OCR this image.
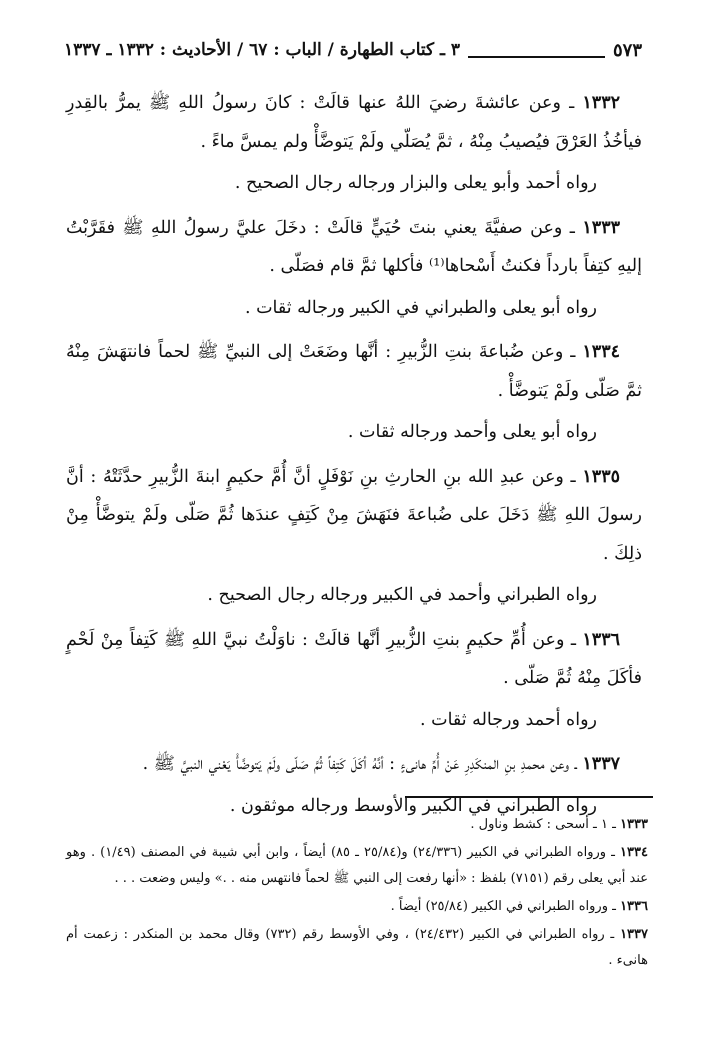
٥٧٣
٣ ـ كتاب الطهارة / الباب : ٦٧ / الأحاديث : ١٣٣٢ ـ ١٣٣٧

١٣٣٢ ـ وعن عائشةَ رضيَ اللهُ عنها قالَتْ : كانَ رسولُ اللهِ ﷺ يمرُّ بالقِدرِ فيأخُذُ العَرْقَ فيُصيبُ مِنْهُ ، ثمَّ يُصَلّي ولَمْ يَتوضَّأْ ولم يمسَّ ماءً .

رواه أحمد وأبو يعلى والبزار ورجاله رجال الصحيح .

١٣٣٣ ـ وعن صفيَّةَ يعني بنتَ حُيَيٍّ قالَتْ : دخَلَ عليَّ رسولُ اللهِ ﷺ فقَرَّبْتُ إليهِ كتِفاً بارداً فكنتُ أَسْحاها⁽¹⁾ فأكلها ثمَّ قام فصَلّى .

رواه أبو يعلى والطبراني في الكبير ورجاله ثقات .

١٣٣٤ ـ وعن ضُباعةَ بنتِ الزُّبيرِ : أنَّها وضَعَتْ إلى النبيِّ ﷺ لحماً فانتهَشَ مِنْهُ ثمَّ صَلّى ولَمْ يَتوضَّأْ .

رواه أبو يعلى وأحمد ورجاله ثقات .

١٣٣٥ ـ وعن عبدِ الله بنِ الحارثِ بنِ نَوْفَلٍ أنَّ أُمَّ حكيمٍ ابنةَ الزُّبيرِ حدَّثَتْهُ : أنَّ رسولَ اللهِ ﷺ دَخَلَ على ضُباعةَ فنَهَشَ مِنْ كَتِفٍ عندَها ثُمَّ صَلّى ولَمْ يتوضَّأْ مِنْ ذلِكَ .

رواه الطبراني وأحمد في الكبير ورجاله رجال الصحيح .

١٣٣٦ ـ وعن أُمِّ حكيمٍ بنتِ الزُّبيرِ أنَّها قالَتْ : ناوَلْتُ نبيَّ اللهِ ﷺ كَتِفاً مِنْ لَحْمٍ فأكَلَ مِنْهُ ثُمَّ صَلّى .

رواه أحمد ورجاله ثقات .

١٣٣٧ ـ وعن محمدِ بنِ المنكَدِرِ عَنْ أُمِّ هانىءٍ : أنَّهُ أكَلَ كَتِفاً ثُمَّ صَلّى ولَمْ يَتوضَّأْ يَعْني النبيَّ ﷺ .

رواه الطبراني في الكبير والأوسط ورجاله موثقون .

١٣٣٣ ـ ١ ـ أسحى : كشط وناول .

١٣٣٤ ـ ورواه الطبراني في الكبير (٢٤/٣٣٦) و(٢٥/٨٤ ـ ٨٥) أيضاً ، وابن أبي شيبة في المصنف (١/٤٩) . وهو عند أبي يعلى رقم (٧١٥١) بلفظ : «أنها رفعت إلى النبي ﷺ لحماً فانتهس منه . .» وليس وضعت . . .

١٣٣٦ ـ ورواه الطبراني في الكبير (٢٥/٨٤) أيضاً .

١٣٣٧ ـ رواه الطبراني في الكبير (٢٤/٤٣٢) ، وفي الأوسط رقم (٧٣٢) وقال محمد بن المنكدر : زعمت أم هانىء .
